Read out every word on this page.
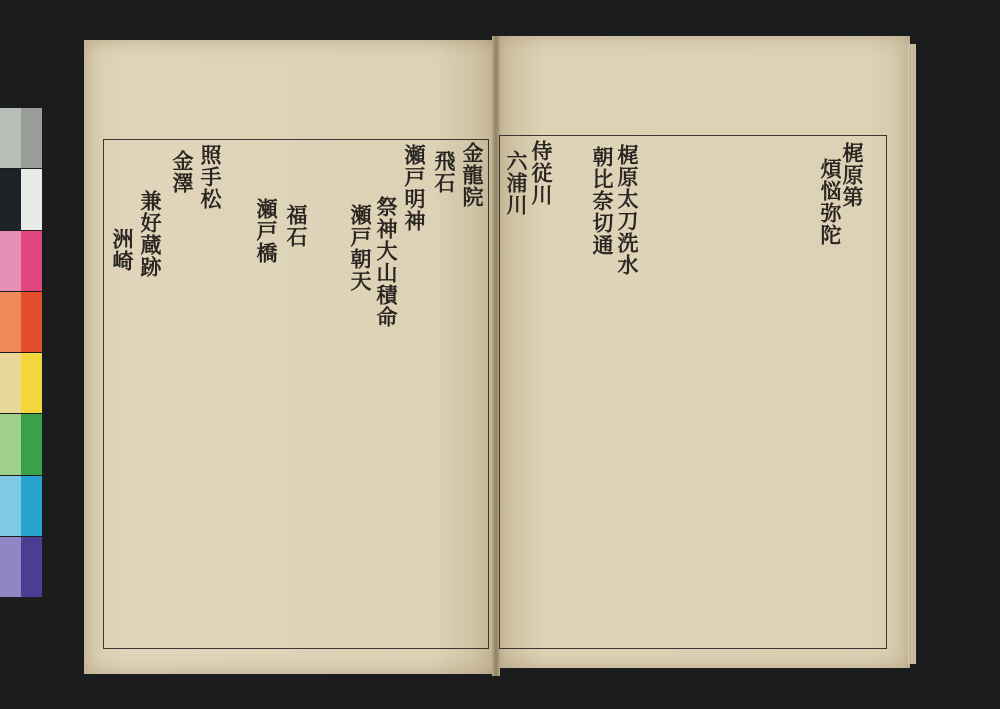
梶原第
煩悩弥陀
梶原太刀洗水
朝比奈切通
侍従川
六浦川
金龍院
飛石
瀬戸明神
祭神大山積命
瀬戸朝天
瀬戸橋 福石
照手松
金澤
兼好蔵跡
洲崎
